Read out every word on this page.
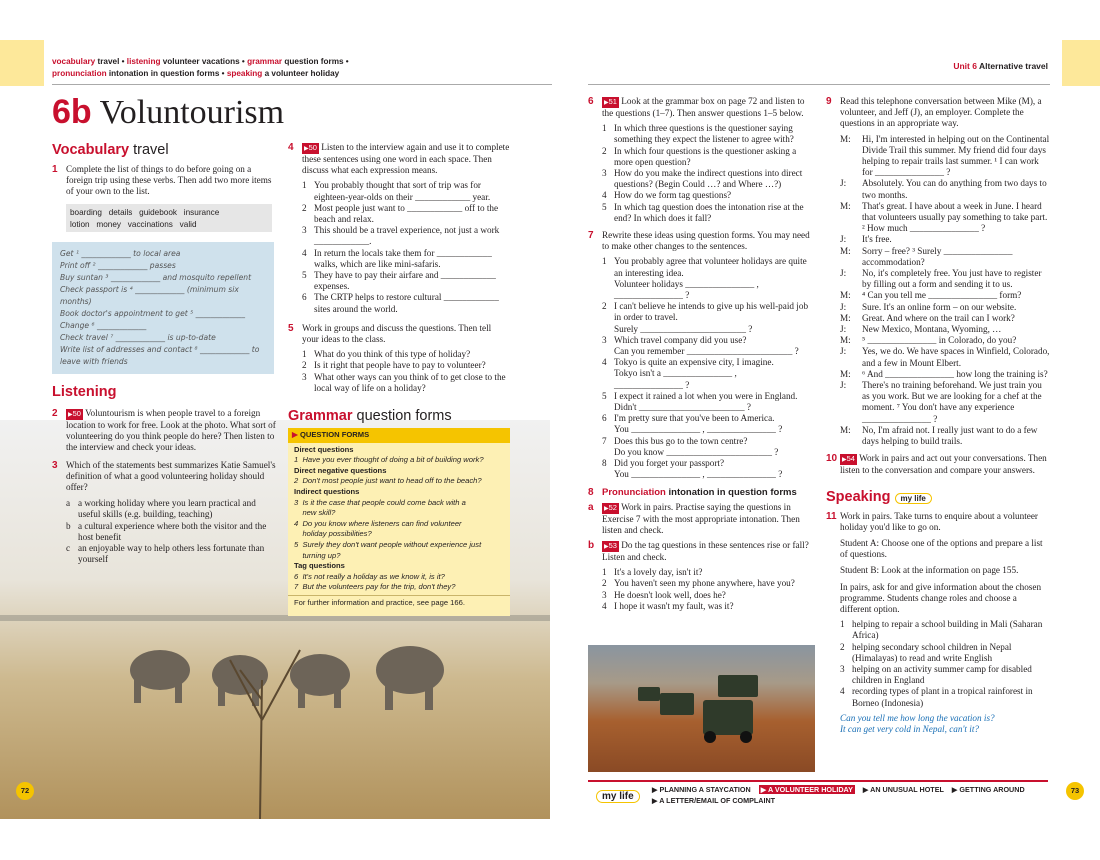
vocabulary travel • listening volunteer vacations • grammar question forms •
pronunciation intonation in question forms • speaking a volunteer holiday
Unit 6 Alternative travel
6b Voluntourism
Vocabulary travel
1 Complete the list of things to do before going on a foreign trip using these verbs. Then add two more items of your own to the list.
boarding   details   guidebook   insurance
lotion   money   vaccinations   valid
Get ¹ _____________ to local area
Print off ² _____________ passes
Buy suntan ³ _____________ and mosquito repellent
Check passport is ⁴ _____________ (minimum six
months)
Book doctor's appointment to get ⁵ _____________
Change ⁶ _____________
Check travel ⁷ _____________ is up-to-date
Write list of addresses and contact ⁸ _____________ to
leave with friends
Listening
2	▶ 50 Voluntourism is when people travel to a foreign location to work for free. Look at the photo. What sort of volunteering do you think people do here? Then listen to the interview and check your ideas.
3 Which of the statements best summarizes Katie Samuel's definition of what a good volunteering holiday should offer?
a a working holiday where you learn practical and useful skills (e.g. building, teaching)
b a cultural experience where both the visitor and the host benefit
c an enjoyable way to help others less fortunate than yourself
4	▶ 50 Listen to the interview again and use it to complete these sentences using one word in each space. Then discuss what each expression means.
1 You probably thought that sort of trip was for eighteen-year-olds on their ____________ year.
2 Most people just want to ____________ off to the beach and relax.
3 This should be a travel experience, not just a work ____________.
4 In return the locals take them for ____________ walks, which are like mini-safaris.
5 They have to pay their airfare and ____________ expenses.
6 The CRTP helps to restore cultural ____________ sites around the world.
5 Work in groups and discuss the questions. Then tell your ideas to the class.
1 What do you think of this type of holiday?
2 Is it right that people have to pay to volunteer?
3 What other ways can you think of to get close to the local way of life on a holiday?
Grammar question forms
▶ QUESTION FORMS
Direct questions
1  Have you ever thought of doing a bit of building work?
Direct negative questions
2  Don't most people just want to head off to the beach?
Indirect questions
3  Is it the case that people could come back with a
new skill?
4  Do you know where listeners can find volunteer
holiday possibilities?
5  Surely they don't want people without experience just
turning up?
Tag questions
6  It's not really a holiday as we know it, is it?
7  But the volunteers pay for the trip, don't they?
For further information and practice, see page 166.
6	▶ 51 Look at the grammar box on page 72 and listen to the questions (1–7). Then answer questions 1–5 below.
1 In which three questions is the questioner saying something they expect the listener to agree with?
2 In which four questions is the questioner asking a more open question?
3 How do you make the indirect questions into direct questions? (Begin Could …? and Where …?)
4 How do we form tag questions?
5 In which tag question does the intonation rise at the end? In which does it fall?
7 Rewrite these ideas using question forms. You may need to make other changes to the sentences.
1 You probably agree that volunteer holidays are quite an interesting idea.
Volunteer holidays _______________ ,
_______________ ?
2 I can't believe he intends to give up his well-paid job in order to travel.
Surely _______________________ ?
3 Which travel company did you use?
Can you remember _______________________ ?
4 Tokyo is quite an expensive city, I imagine.
Tokyo isn't a _______________ ,
_______________ ?
5 I expect it rained a lot when you were in England.
Didn't _______________________ ?
6 I'm pretty sure that you've been to America.
You _______________ , _______________ ?
7 Does this bus go to the town centre?
Do you know _______________________ ?
8 Did you forget your passport?
You _______________ , _______________ ?
8 Pronunciation intonation in question forms
a	▶ 52 Work in pairs. Practise saying the questions in Exercise 7 with the most appropriate intonation. Then listen and check.
b	▶ 53 Do the tag questions in these sentences rise or fall? Listen and check.
1 It's a lovely day, isn't it?
2 You haven't seen my phone anywhere, have you?
3 He doesn't look well, does he?
4 I hope it wasn't my fault, was it?
9 Read this telephone conversation between Mike (M), a volunteer, and Jeff (J), an employer. Complete the questions in an appropriate way.
M:	Hi, I'm interested in helping out on the Continental Divide Trail this summer. My friend did four days helping to repair trails last summer. ¹ I can work for _______________ ?
J:	Absolutely. You can do anything from two days to two months.
M:	That's great. I have about a week in June. I heard that volunteers usually pay something to take part. ² How much _______________ ?
J:	It's free.
M:	Sorry – free? ³ Surely _______________ accommodation?
J:	No, it's completely free. You just have to register by filling out a form and sending it to us.
M:	⁴ Can you tell me _______________ form?
J:	Sure. It's an online form – on our website.
M:	Great. And where on the trail can I work?
J:	New Mexico, Montana, Wyoming, …
M:	⁵ _______________ in Colorado, do you?
J:	Yes, we do. We have spaces in Winfield, Colorado, and a few in Mount Elbert.
M:	⁶ And _______________ how long the training is?
J:	There's no training beforehand. We just train you as you work. But we are looking for a chef at the moment. ⁷ You don't have any experience _______________ ?
M:	No, I'm afraid not. I really just want to do a few days helping to build trails.
10	▶ 54 Work in pairs and act out your conversations. Then listen to the conversation and compare your answers.
Speaking my life
11 Work in pairs. Take turns to enquire about a volunteer holiday you'd like to go on.
Student A: Choose one of the options and prepare a list of questions.
Student B: Look at the information on page 155.
In pairs, ask for and give information about the chosen programme. Students change roles and choose a different option.
1 helping to repair a school building in Mali (Saharan Africa)
2 helping secondary school children in Nepal (Himalayas) to read and write English
3 helping on an activity summer camp for disabled children in England
4 recording types of plant in a tropical rainforest in Borneo (Indonesia)
Can you tell me how long the vacation is?
It can get very cold in Nepal, can't it?
72	73
my life
▶ PLANNING A STAYCATION ▶ A VOLUNTEER HOLIDAY ▶ AN UNUSUAL HOTEL ▶ GETTING AROUND
▶ A LETTER/EMAIL OF COMPLAINT
